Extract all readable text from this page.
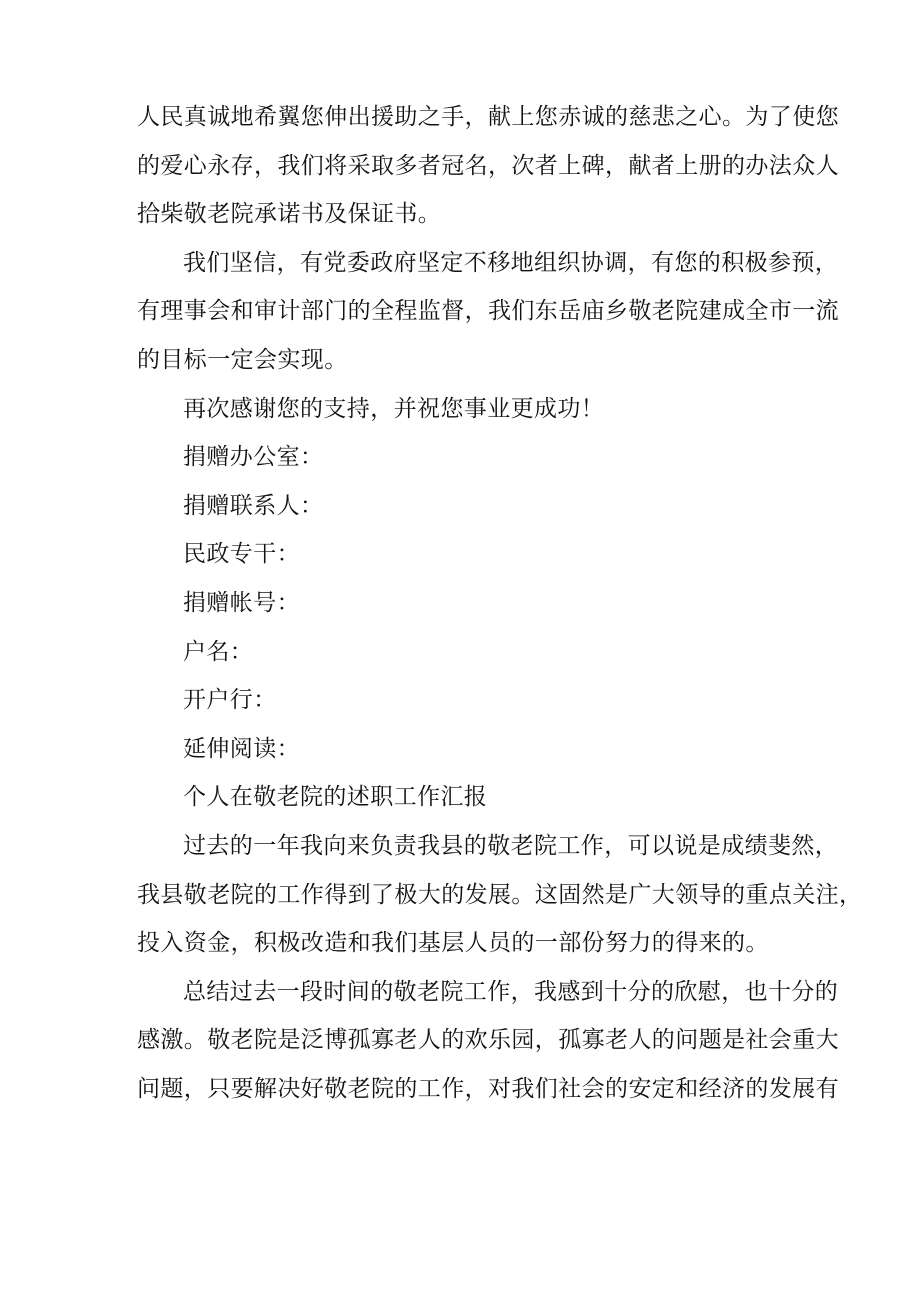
人民真诚地希翼您伸出援助之手，献上您赤诚的慈悲之心。为了使您
的爱心永存，我们将采取多者冠名，次者上碑，献者上册的办法众人
拾柴敬老院承诺书及保证书。
我们坚信，有党委政府坚定不移地组织协调，有您的积极参预，
有理事会和审计部门的全程监督，我们东岳庙乡敬老院建成全市一流
的目标一定会实现。
再次感谢您的支持，并祝您事业更成功！
捐赠办公室：
捐赠联系人：
民政专干：
捐赠帐号：
户名：
开户行：
延伸阅读：
个人在敬老院的述职工作汇报
过去的一年我向来负责我县的敬老院工作，可以说是成绩斐然，
我县敬老院的工作得到了极大的发展。这固然是广大领导的重点关注，
投入资金，积极改造和我们基层人员的一部份努力的得来的。
总结过去一段时间的敬老院工作，我感到十分的欣慰，也十分的
感激。敬老院是泛博孤寡老人的欢乐园，孤寡老人的问题是社会重大
问题，只要解决好敬老院的工作，对我们社会的安定和经济的发展有
